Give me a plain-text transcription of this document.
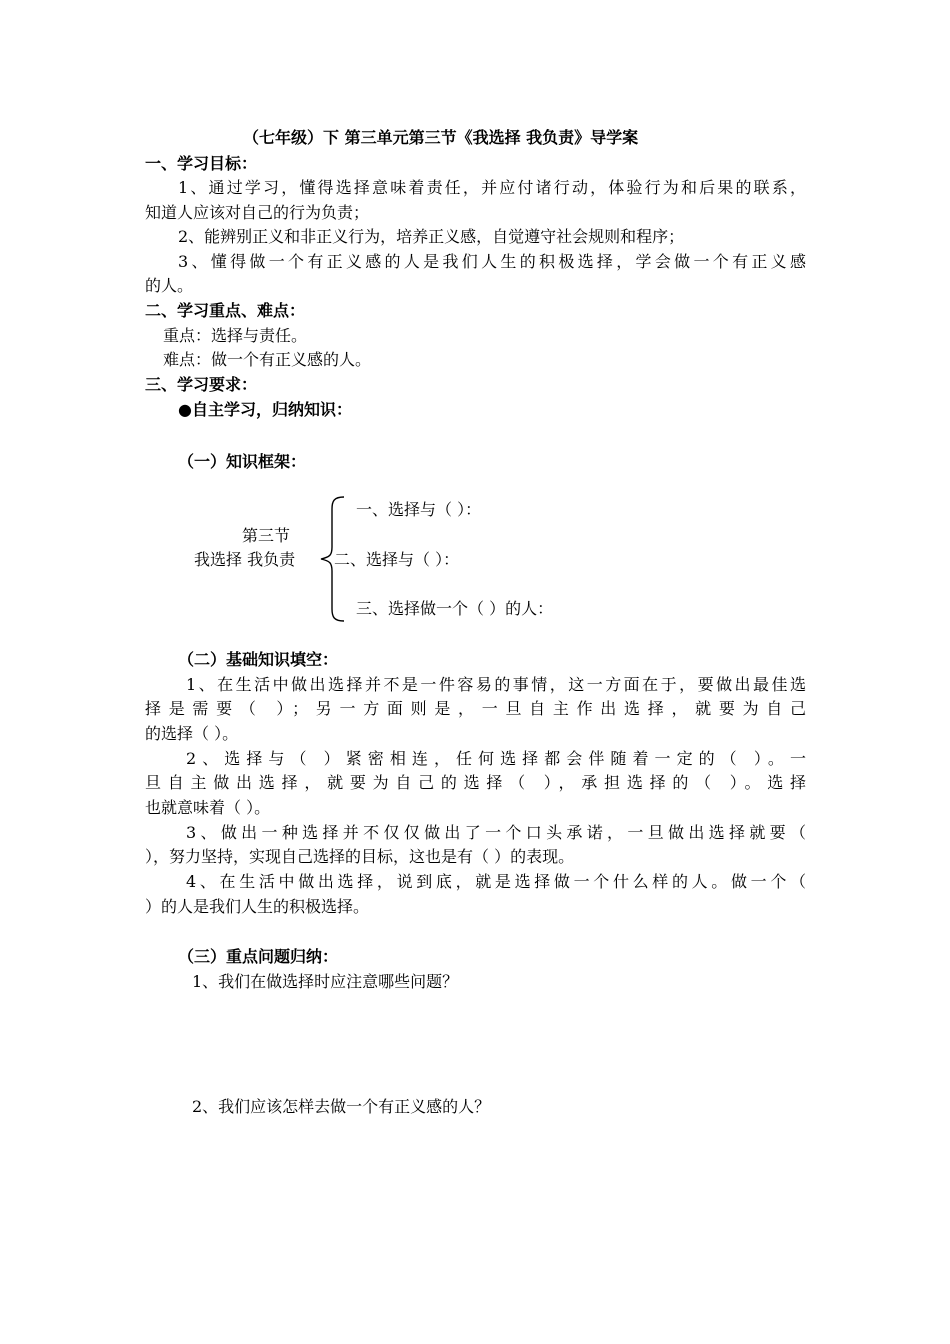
（七年级）下 第三单元第三节《我选择 我负责》导学案
一、学习目标：
1、通过学习，懂得选择意味着责任，并应付诸行动，体验行为和后果的联系，
知道人应该对自己的行为负责；
2、能辨别正义和非正义行为，培养正义感，自觉遵守社会规则和程序；
3、懂得做一个有正义感的人是我们人生的积极选择，学会做一个有正义感
的人。
二、学习重点、难点：
重点：选择与责任。
难点：做一个有正义感的人。
三、学习要求：
●自主学习，归纳知识：
（一）知识框架：
第三节
我选择 我负责
一、选择与（ ）：
二、选择与（ ）：
三、选择做一个（ ）的人：
（二）基础知识填空：
1、在生活中做出选择并不是一件容易的事情，这一方面在于，要做出最佳选
择是需要（ ）；另一方面则是，一旦自主作出选择，就要为自己
的选择（ ）。
2、选择与（ ）紧密相连，任何选择都会伴随着一定的（ ）。一
旦自主做出选择，就要为自己的选择（ ），承担选择的（ ）。选择
也就意味着（ ）。
3、做出一种选择并不仅仅做出了一个口头承诺，一旦做出选择就要（
），努力坚持，实现自己选择的目标，这也是有（ ）的表现。
4、在生活中做出选择，说到底，就是选择做一个什么样的人。做一个（
）的人是我们人生的积极选择。
（三）重点问题归纳：
1、我们在做选择时应注意哪些问题？
2、我们应该怎样去做一个有正义感的人？
